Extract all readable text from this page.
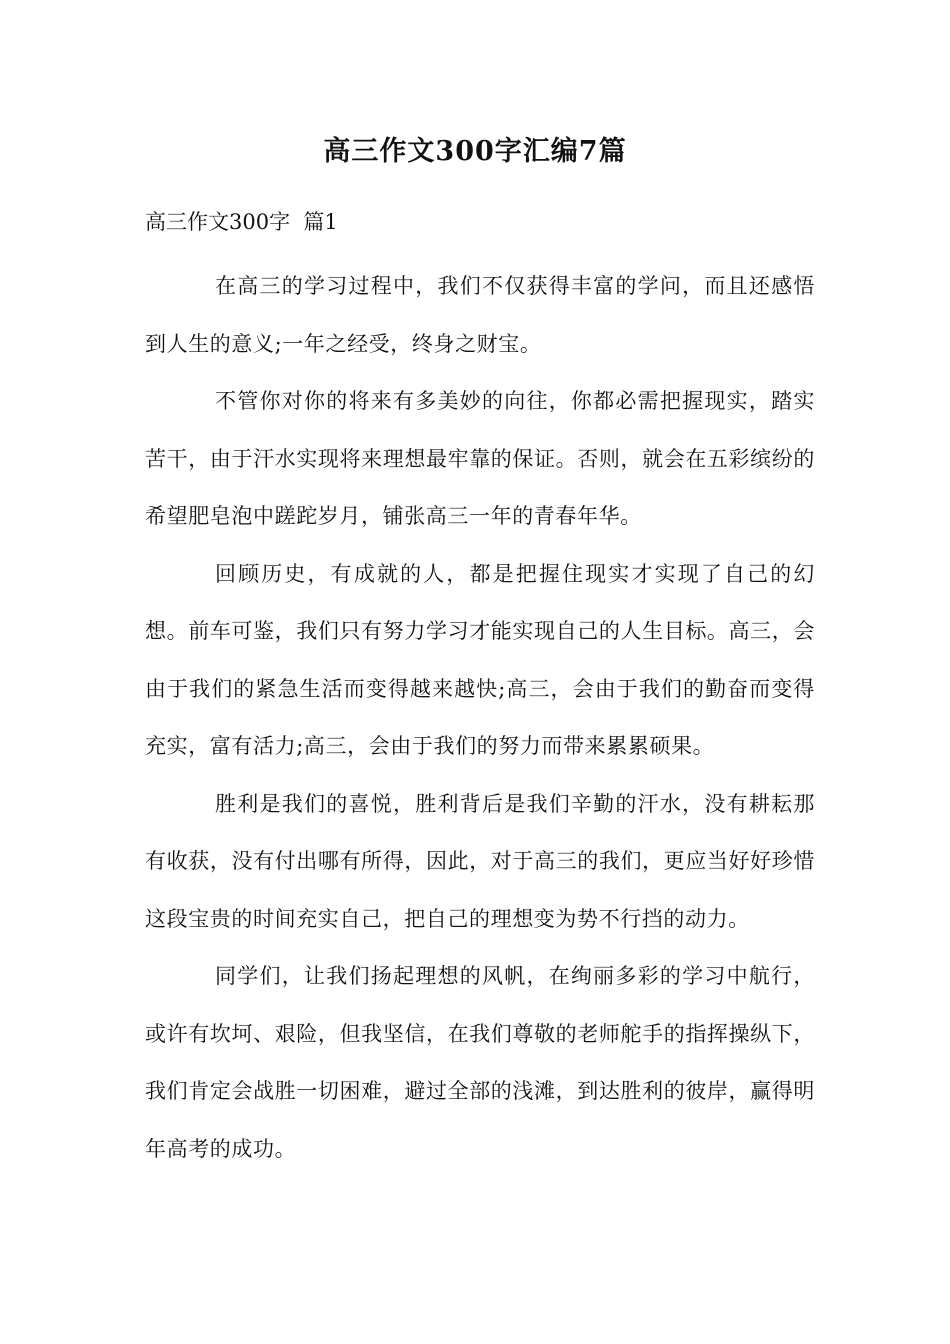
高三作文300字汇编7篇
高三作文300字  篇1

在高三的学习过程中，我们不仅获得丰富的学问，而且还感悟到人生的意义;一年之经受，终身之财宝。

不管你对你的将来有多美妙的向往，你都必需把握现实，踏实苦干，由于汗水实现将来理想最牢靠的保证。否则，就会在五彩缤纷的希望肥皂泡中蹉跎岁月，铺张高三一年的青春年华。

回顾历史，有成就的人，都是把握住现实才实现了自己的幻想。前车可鉴，我们只有努力学习才能实现自己的人生目标。高三，会由于我们的紧急生活而变得越来越快;高三，会由于我们的勤奋而变得充实，富有活力;高三，会由于我们的努力而带来累累硕果。

胜利是我们的喜悦，胜利背后是我们辛勤的汗水，没有耕耘那有收获，没有付出哪有所得，因此，对于高三的我们，更应当好好珍惜这段宝贵的时间充实自己，把自己的理想变为势不行挡的动力。

同学们，让我们扬起理想的风帆，在绚丽多彩的学习中航行，或许有坎坷、艰险，但我坚信，在我们尊敬的老师舵手的指挥操纵下，我们肯定会战胜一切困难，避过全部的浅滩，到达胜利的彼岸，赢得明年高考的成功。
